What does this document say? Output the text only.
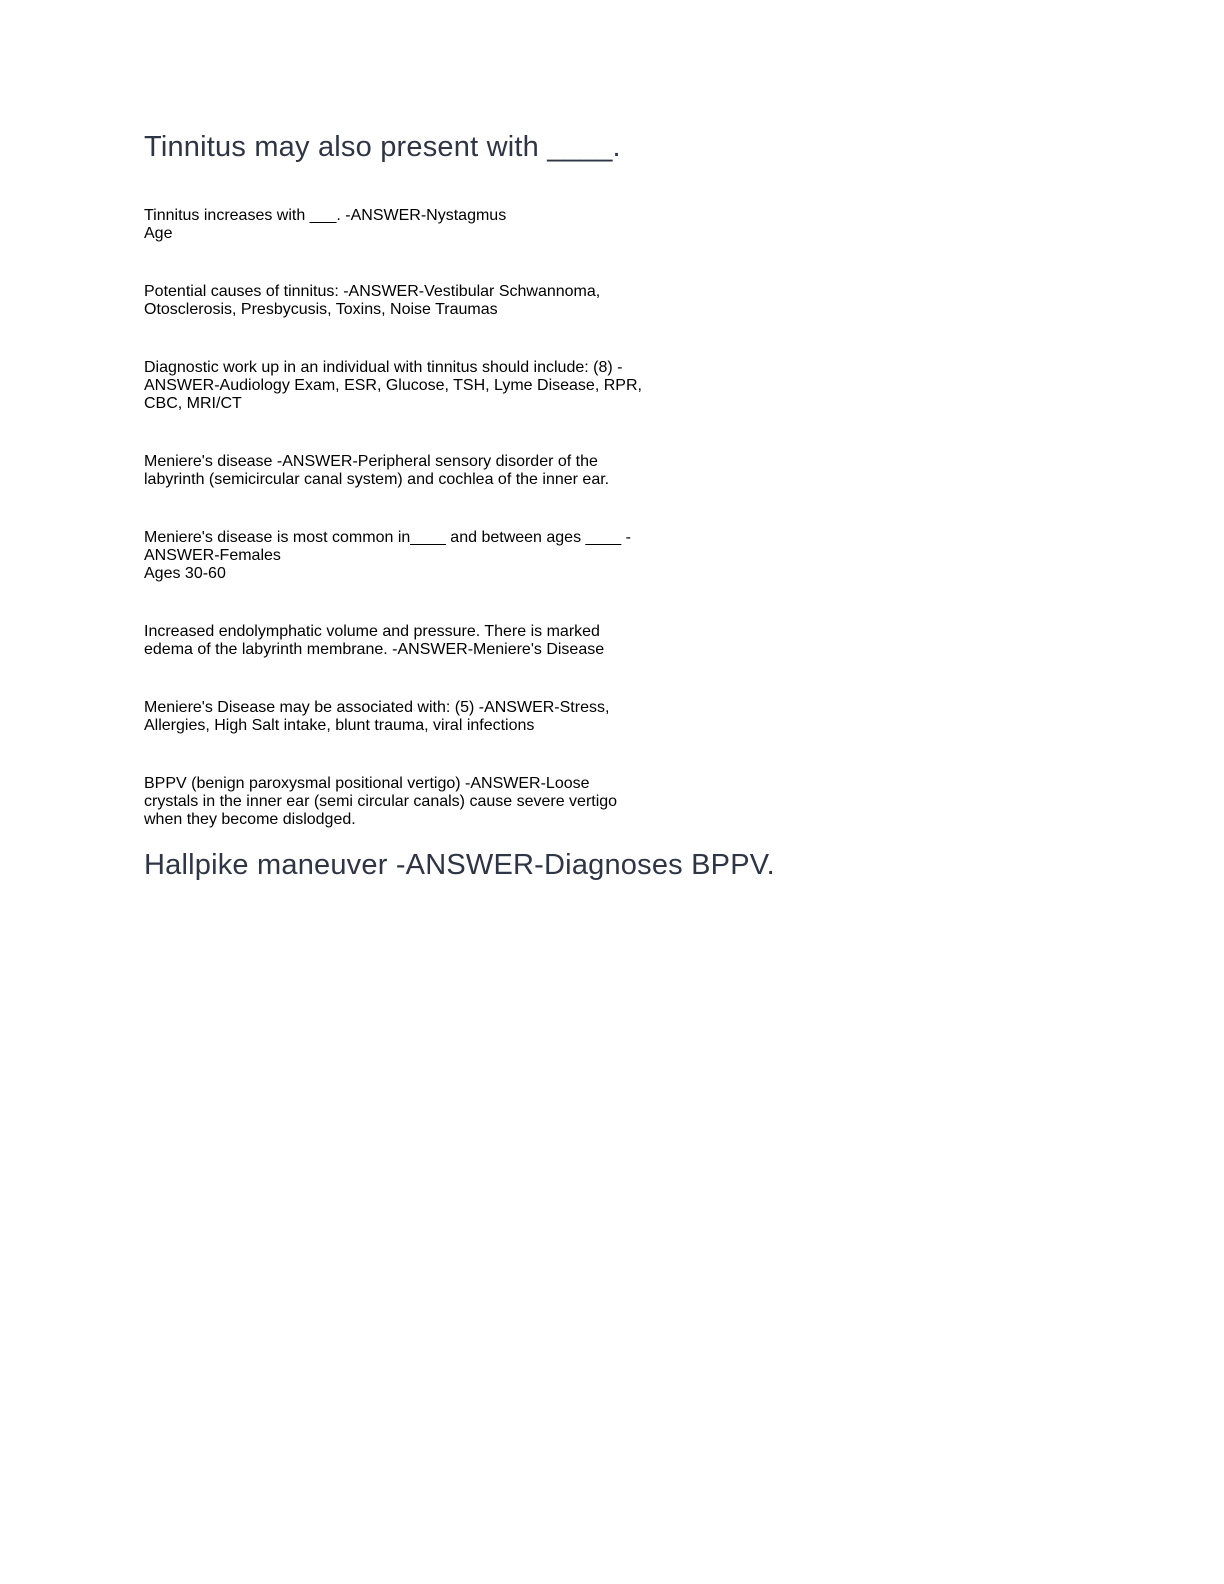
Tinnitus may also present with ____.

Tinnitus increases with ___. -ANSWER-Nystagmus
Age

Potential causes of tinnitus: -ANSWER-Vestibular Schwannoma,
Otosclerosis, Presbycusis, Toxins, Noise Traumas

Diagnostic work up in an individual with tinnitus should include: (8) -
ANSWER-Audiology Exam, ESR, Glucose, TSH, Lyme Disease, RPR,
CBC, MRI/CT

Meniere's disease -ANSWER-Peripheral sensory disorder of the
labyrinth (semicircular canal system) and cochlea of the inner ear.

Meniere's disease is most common in____ and between ages ____ -
ANSWER-Females
Ages 30-60

Increased endolymphatic volume and pressure. There is marked
edema of the labyrinth membrane. -ANSWER-Meniere's Disease

Meniere's Disease may be associated with: (5) -ANSWER-Stress,
Allergies, High Salt intake, blunt trauma, viral infections

BPPV (benign paroxysmal positional vertigo) -ANSWER-Loose
crystals in the inner ear (semi circular canals) cause severe vertigo
when they become dislodged.

Hallpike maneuver -ANSWER-Diagnoses BPPV.
